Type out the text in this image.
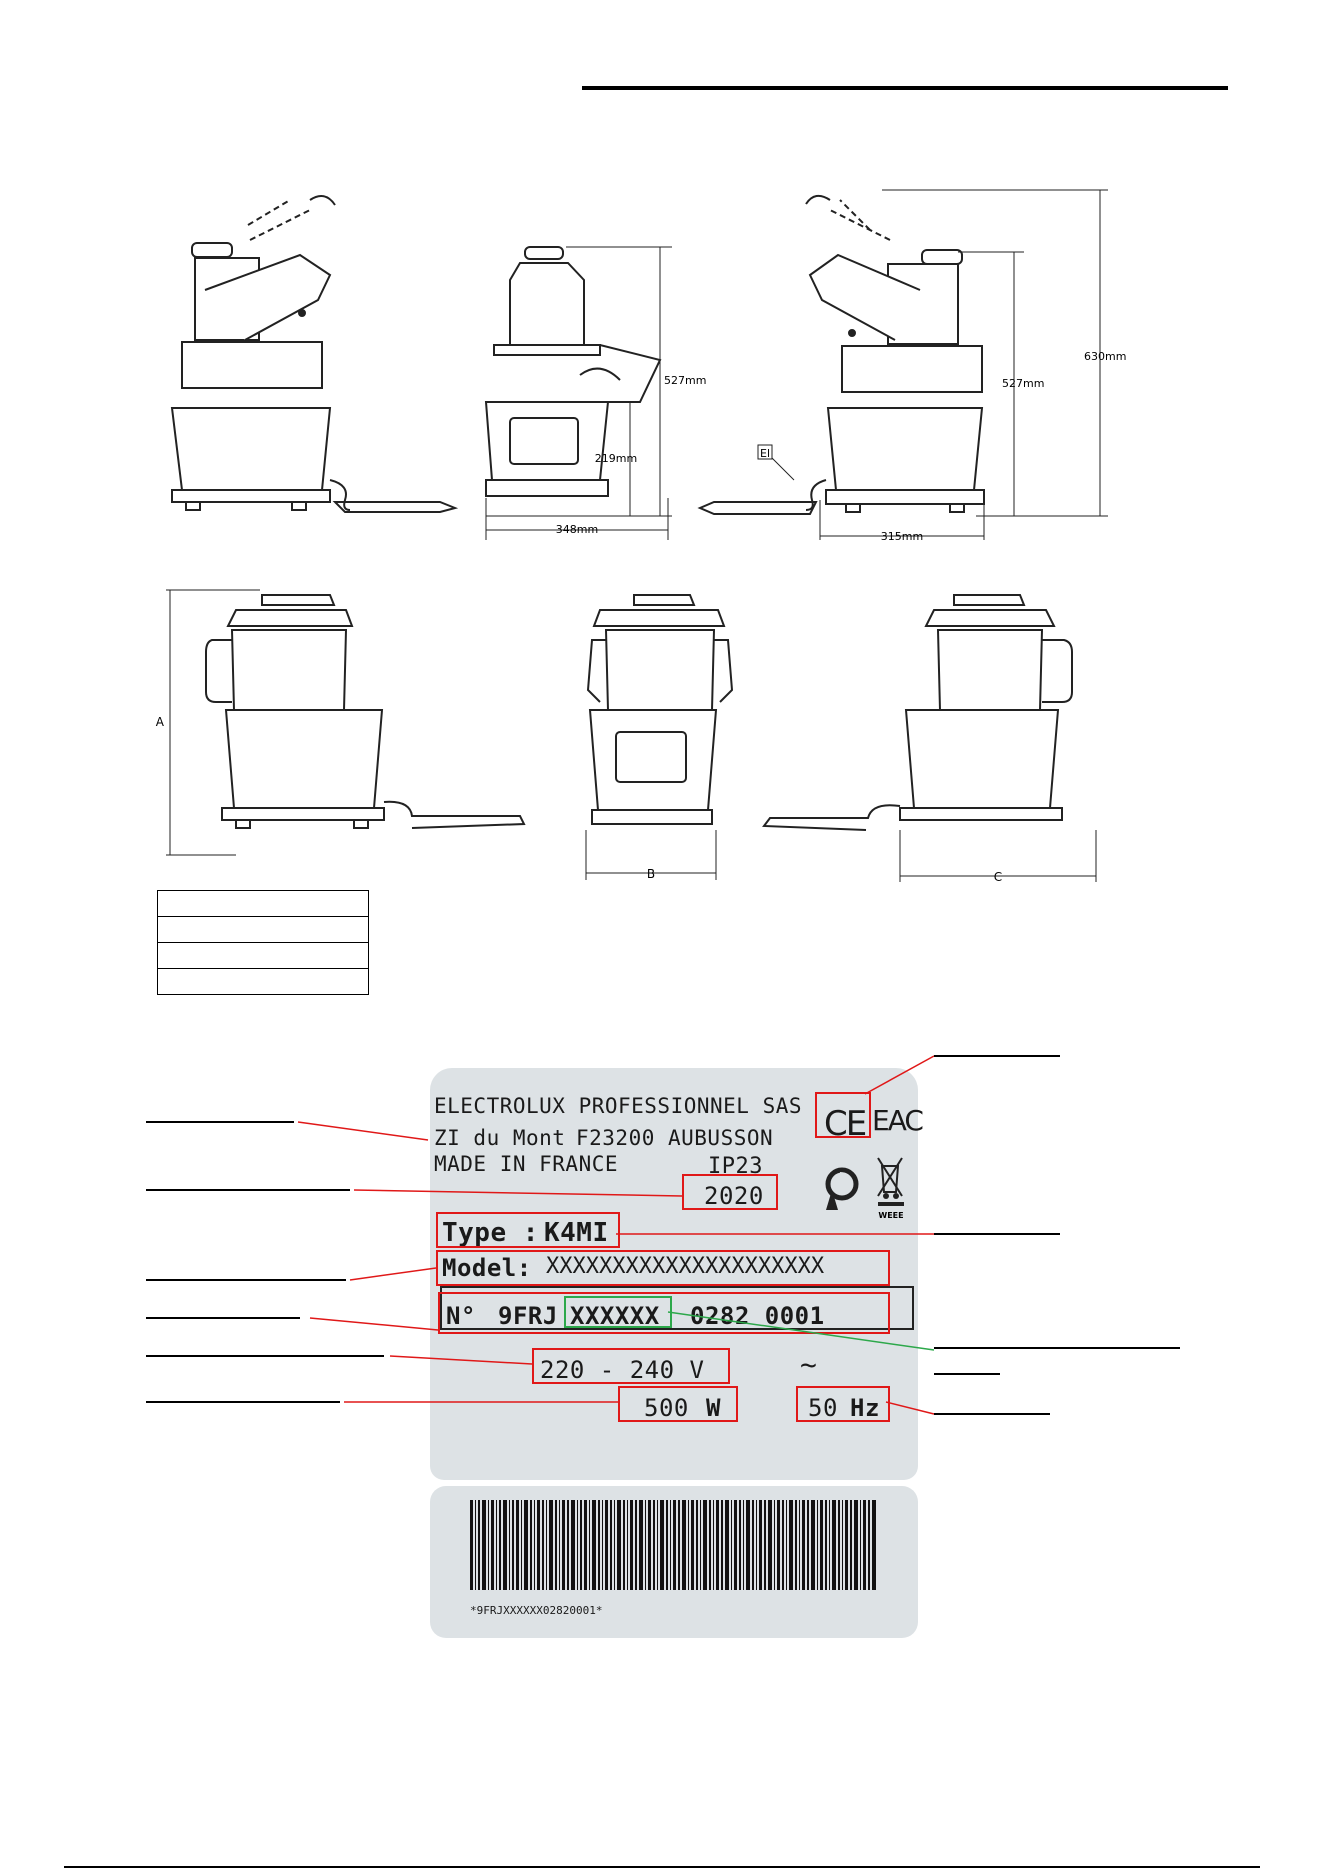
527mm
219mm
348mm
527mm
630mm
315mm
El
A
B	C

ELECTROLUX PROFESSIONNEL SAS
ZI du Mont F23200 AUBUSSON
MADE IN FRANCE	IP23
2020
Type : K4MI
Model: XXXXXXXXXXXXXXXXXXXXX
N° 9FRJ XXXXXX 0282 0001
220 - 240 V	~
500 W	50 Hz
CE EAC
WEEE
*9FRJXXXXXX02820001*
